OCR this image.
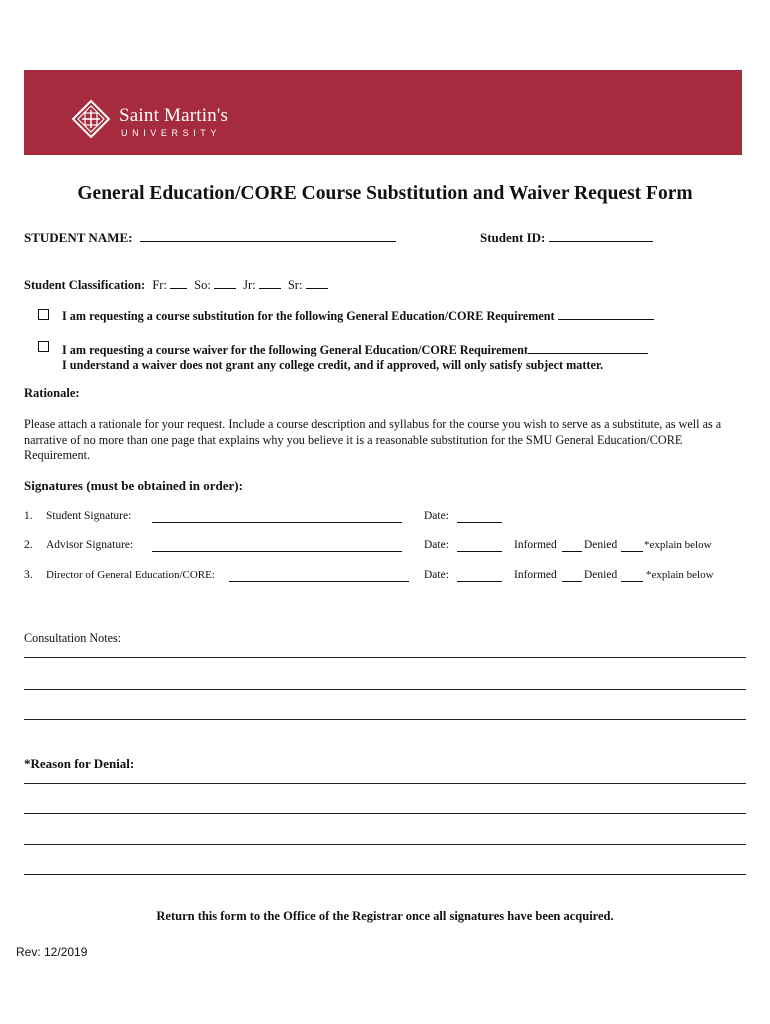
Saint Martin's
UNIVERSITY
General Education/CORE Course Substitution and Waiver Request Form
STUDENT NAME:	Student ID:
Student Classification: Fr: So:	Jr:	Sr:
I am requesting a course substitution for the following General Education/CORE Requirement
I am requesting a course waiver for the following General Education/CORE Requirement
I understand a waiver does not grant any college credit, and if approved, will only satisfy subject matter.
Rationale:
Please attach a rationale for your request. Include a course description and syllabus for the course you wish to serve as a substitute, as well as a narrative of no more than one page that explains why you believe it is a reasonable substitution for the SMU General Education/CORE Requirement.
Signatures (must be obtained in order):
1. Student Signature:	Date:
2. Advisor Signature:	Date:	Informed Denied *explain below
3. Director of General Education/CORE:	Date:	Informed Denied	*explain below
Consultation Notes:
*Reason for Denial:
Return this form to the Office of the Registrar once all signatures have been acquired.
Rev: 12/2019
